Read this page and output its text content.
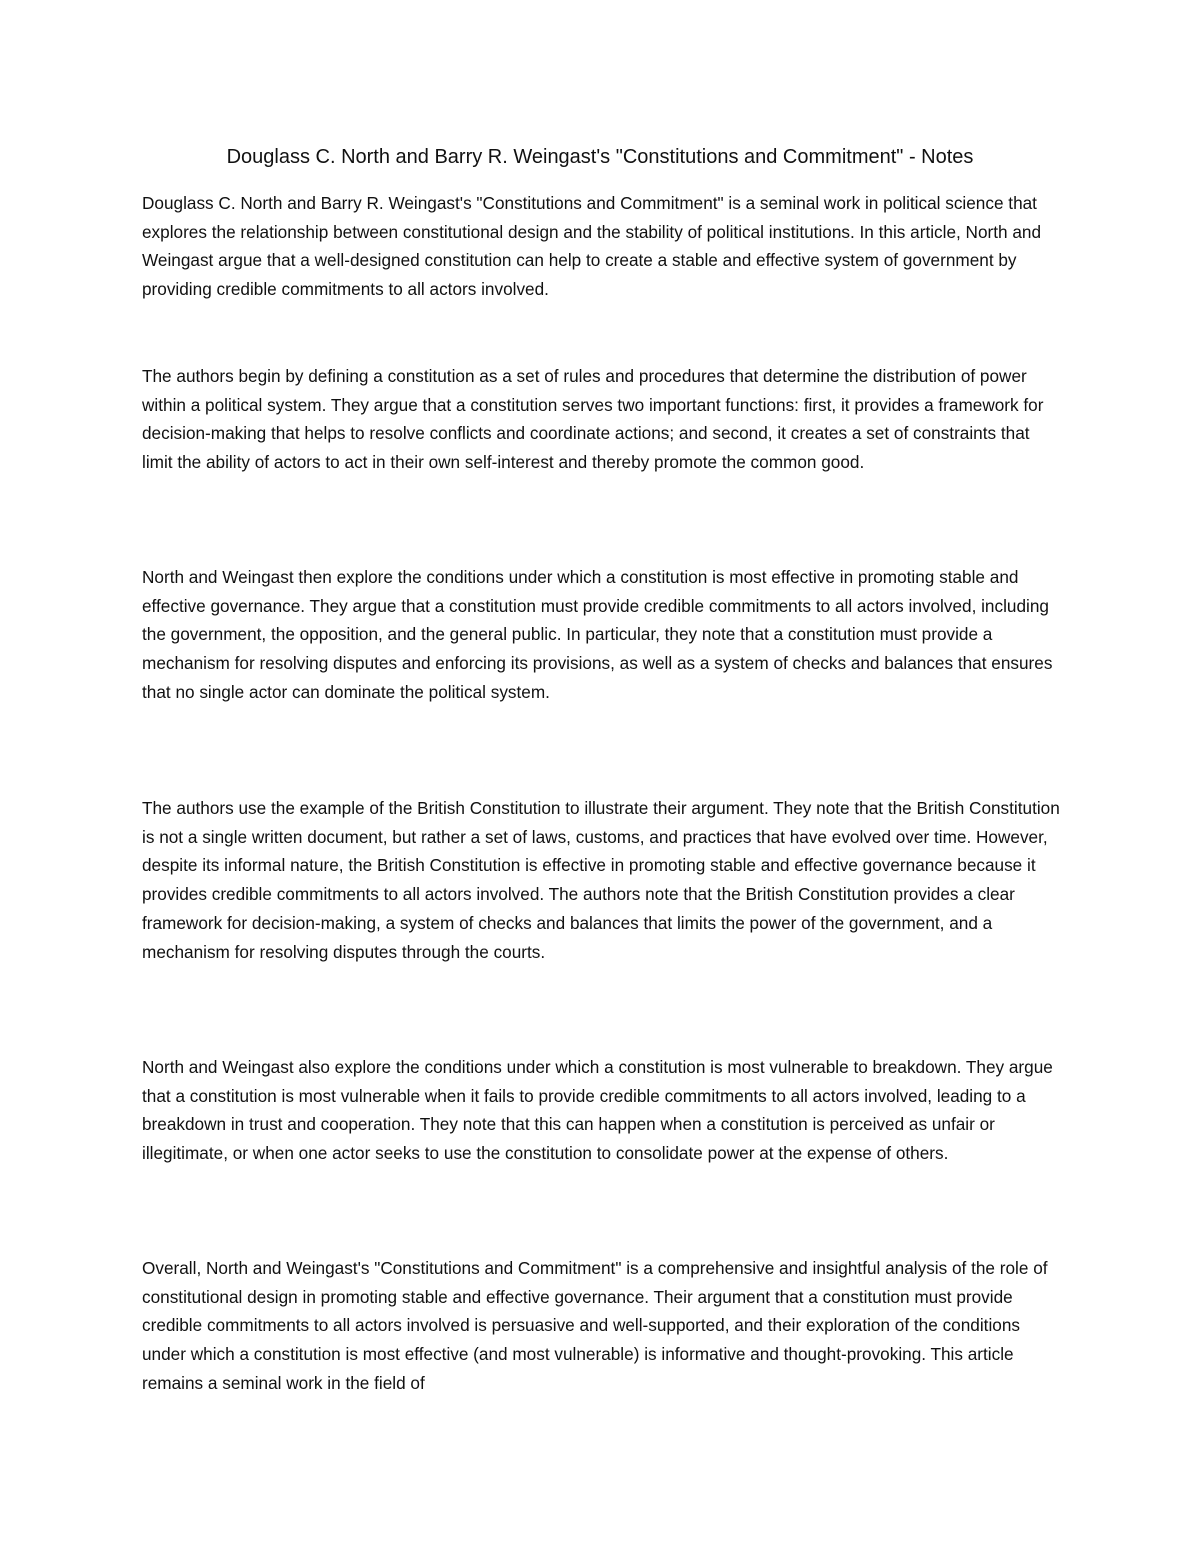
Douglass C. North and Barry R. Weingast's "Constitutions and Commitment" - Notes

Douglass C. North and Barry R. Weingast's "Constitutions and Commitment" is a seminal work in political science that explores the relationship between constitutional design and the stability of political institutions. In this article, North and Weingast argue that a well-designed constitution can help to create a stable and effective system of government by providing credible commitments to all actors involved.

The authors begin by defining a constitution as a set of rules and procedures that determine the distribution of power within a political system. They argue that a constitution serves two important functions: first, it provides a framework for decision-making that helps to resolve conflicts and coordinate actions; and second, it creates a set of constraints that limit the ability of actors to act in their own self-interest and thereby promote the common good.

North and Weingast then explore the conditions under which a constitution is most effective in promoting stable and effective governance. They argue that a constitution must provide credible commitments to all actors involved, including the government, the opposition, and the general public. In particular, they note that a constitution must provide a mechanism for resolving disputes and enforcing its provisions, as well as a system of checks and balances that ensures that no single actor can dominate the political system.

The authors use the example of the British Constitution to illustrate their argument. They note that the British Constitution is not a single written document, but rather a set of laws, customs, and practices that have evolved over time. However, despite its informal nature, the British Constitution is effective in promoting stable and effective governance because it provides credible commitments to all actors involved. The authors note that the British Constitution provides a clear framework for decision-making, a system of checks and balances that limits the power of the government, and a mechanism for resolving disputes through the courts.

North and Weingast also explore the conditions under which a constitution is most vulnerable to breakdown. They argue that a constitution is most vulnerable when it fails to provide credible commitments to all actors involved, leading to a breakdown in trust and cooperation. They note that this can happen when a constitution is perceived as unfair or illegitimate, or when one actor seeks to use the constitution to consolidate power at the expense of others.

Overall, North and Weingast's "Constitutions and Commitment" is a comprehensive and insightful analysis of the role of constitutional design in promoting stable and effective governance. Their argument that a constitution must provide credible commitments to all actors involved is persuasive and well-supported, and their exploration of the conditions under which a constitution is most effective (and most vulnerable) is informative and thought-provoking. This article remains a seminal work in the field of
